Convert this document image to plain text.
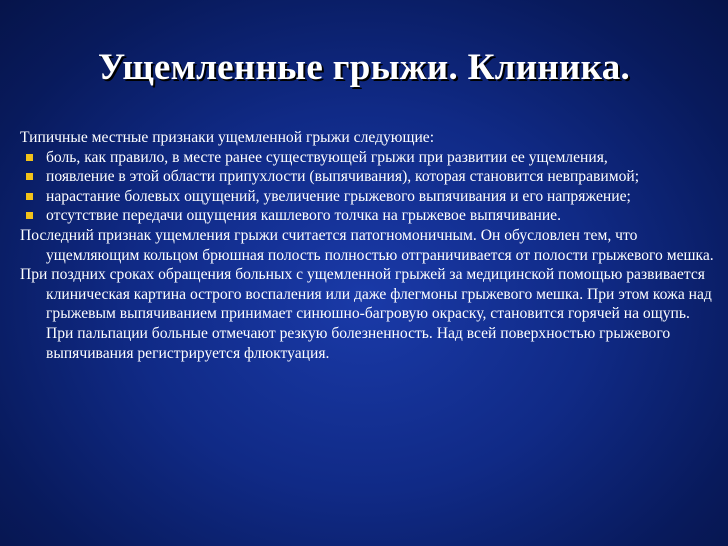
Ущемленные грыжи. Клиника.

Типичные местные признаки ущемленной грыжи следующие:

боль, как правило, в месте ранее существующей грыжи при развитии ее ущемления,
появление в этой области припухлости (выпячивания), которая становится невправимой;
нарастание болевых ощущений, увеличение грыжевого выпячивания и его напряжение;
отсутствие передачи ощущения кашлевого толчка на грыжевое выпячивание.

Последний признак ущемления грыжи считается патогномоничным. Он обусловлен тем, что ущемляющим кольцом брюшная полость полностью отграничивается от полости грыжевого мешка.

При поздних сроках обращения больных с ущемленной грыжей за медицинской помощью развивается клиническая картина острого воспаления или даже флегмоны грыжевого мешка. При этом кожа над грыжевым выпячиванием принимает синюшно-багровую окраску, становится горячей на ощупь. При пальпации больные отмечают резкую болезненность. Над всей поверхностью грыжевого выпячивания регистрируется флюктуация.
